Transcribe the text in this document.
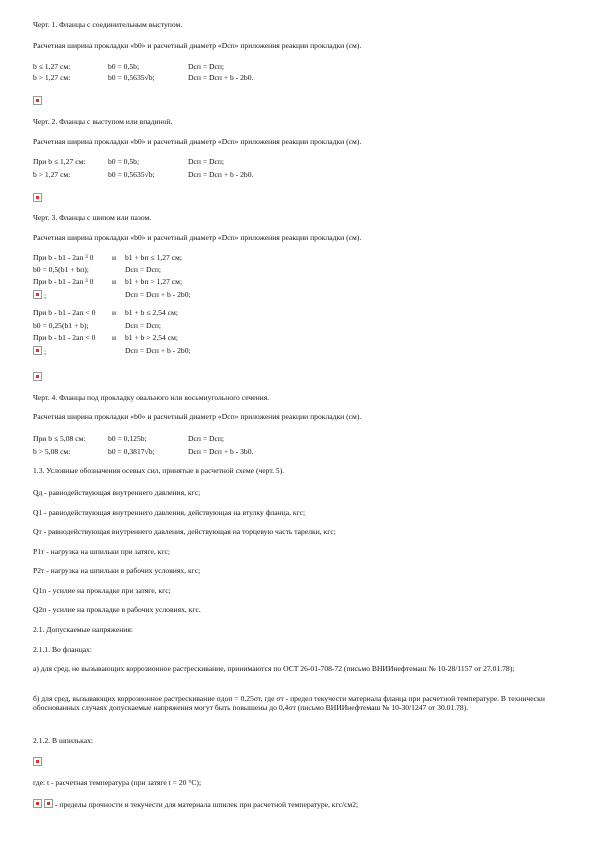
Черт. 1. Фланцы с соединительным выступом.
Расчетная ширина прокладки «b0» и расчетный диаметр «Dсп» приложения реакции прокладки (см).
b ≤ 1,27 см:	b0 = 0,5b;	Dсп = Dсп;
b > 1,27 см:	b0 = 0,5635√b;	Dсп = Dсп + b - 2b0.
Черт. 2. Фланцы с выступом или впадиной.
Расчетная ширина прокладки «b0» и расчетный диаметр «Dсп» приложения реакции прокладки (см).
При b ≤ 1,27 см:	b0 = 0,5b;	Dсп = Dсп;
b > 1,27 см:	b0 = 0,5635√b;	Dсп = Dсп + b - 2b0.
Черт. 3. Фланцы с шипом или пазом.
Расчетная ширина прокладки «b0» и расчетный диаметр «Dсп» приложения реакции прокладки (см).
При b - b1 - 2aп ³ 0 и b1 + bп ≤ 1,27 см;
b0 = 0,5(b1 + bп);	Dсп = Dсп;
При b - b1 - 2aп ³ 0 и b1 + bп > 1,27 см;
;	Dсп = Dсп + b - 2b0;
При b - b1 - 2aп < 0 и b1 + b ≤ 2,54 см;
b0 = 0,25(b1 + b);	Dсп = Dсп;
При b - b1 - 2aп < 0 и b1 + b > 2,54 см;
;	Dсп = Dсп + b - 2b0;
Черт. 4. Фланцы под прокладку овального или восьмиугольного сечения.
Расчетная ширина прокладки «b0» и расчетный диаметр «Dсп» приложения реакции прокладки (см).
При b ≤ 5,08 см:	b0 = 0,125b;	Dсп = Dсп;
b > 5,08 см:	b0 = 0,3817√b;	Dсп = Dсп + b - 3b0.
1.3. Условные обозначения осевых сил, принятые в расчетной схеме (черт. 5).
Qд - равнодействующая внутреннего давления, кгс;
Q1 - равнодействующая внутреннего давления, действующая на втулку фланца, кгс;
Qт - равнодействующая внутреннего давления, действующая на торцевую часть тарелки, кгс;
P1т - нагрузка на шпильки при затяге, кгс;
P2т - нагрузка на шпильки в рабочих условиях, кгс;
Q1п - усилие на прокладке при затяге, кгс;
Q2п - усилие на прокладке в рабочих условиях, кгс.
2.1. Допускаемые напряжения:
2.1.1. Во фланцах:
а) для сред, не вызывающих коррозионное растрескивание, принимаются по ОСТ 26-01-708-72 (письмо ВНИИнефтемаш № 10-28/1157 от 27.01.78);
б) для сред, вызывающих коррозионное растрескивание σдоп = 0,25σт, где σт - предел текучести материала фланца при расчетной температуре. В технически обоснованных случаях допускаемые напряжения могут быть повышены до 0,4σт (письмо ВНИИнефтемаш № 10-30/1247 от 30.01.78).
2.1.2. В шпильках:
где: t - расчетная температура (при затяге t = 20 °С);
- пределы прочности и текучести для материала шпилек при расчетной температуре, кгс/см2;
